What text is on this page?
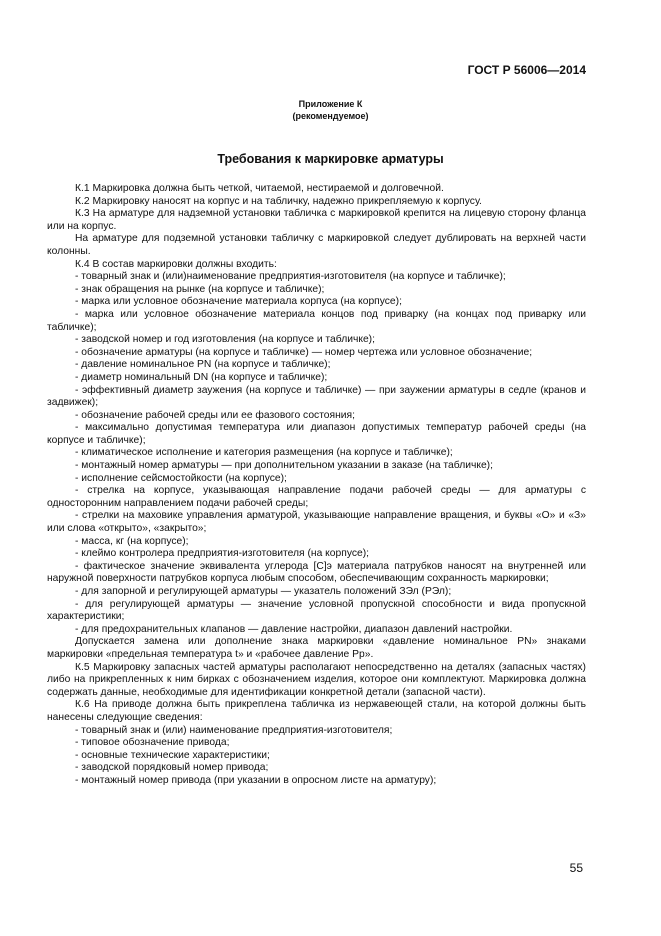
ГОСТ Р 56006—2014
Приложение К
(рекомендуемое)
Требования к маркировке арматуры

К.1 Маркировка должна быть четкой, читаемой, нестираемой и долговечной.

К.2 Маркировку наносят на корпус и на табличку, надежно прикрепляемую к корпусу.

К.3 На арматуре для надземной установки табличка с маркировкой крепится на лицевую сторону фланца или на корпус.

На арматуре для подземной установки табличку с маркировкой следует дублировать на верхней части колонны.

К.4 В состав маркировки должны входить:

- товарный знак и (или)наименование предприятия-изготовителя (на корпусе и табличке);

- знак обращения на рынке (на корпусе и табличке);

- марка или условное обозначение материала корпуса (на корпусе);

- марка или условное обозначение материала концов под приварку (на концах под приварку или табличке);

- заводской номер и год изготовления (на корпусе и табличке);

- обозначение арматуры (на корпусе и табличке) — номер чертежа или условное обозначение;

- давление номинальное PN (на корпусе и табличке);

- диаметр номинальный DN (на корпусе и табличке);

- эффективный диаметр заужения (на корпусе и табличке) — при заужении арматуры в седле (кранов и задвижек);

- обозначение рабочей среды или ее фазового состояния;

- максимально допустимая температура или диапазон допустимых температур рабочей среды (на корпусе и табличке);

- климатическое исполнение и категория размещения (на корпусе и табличке);

- монтажный номер арматуры — при дополнительном указании в заказе (на табличке);

- исполнение сейсмостойкости (на корпусе);

- стрелка на корпусе, указывающая направление подачи рабочей среды — для арматуры с односторонним направлением подачи рабочей среды;

- стрелки на маховике управления арматурой, указывающие направление вращения, и буквы «О» и «З» или слова «открыто», «закрыто»;

- масса, кг (на корпусе);

- клеймо контролера предприятия-изготовителя (на корпусе);

- фактическое значение эквивалента углерода [C]э материала патрубков наносят на внутренней или наружной поверхности патрубков корпуса любым способом, обеспечивающим сохранность маркировки;

- для запорной и регулирующей арматуры — указатель положений ЗЭл (РЭл);

- для регулирующей арматуры — значение условной пропускной способности и вида пропускной характеристики;

- для предохранительных клапанов — давление настройки, диапазон давлений настройки.

Допускается замена или дополнение знака маркировки «давление номинальное PN» знаками маркировки «предельная температура t» и «рабочее давление Pр».

К.5 Маркировку запасных частей арматуры располагают непосредственно на деталях (запасных частях) либо на прикрепленных к ним бирках с обозначением изделия, которое они комплектуют. Маркировка должна содержать данные, необходимые для идентификации конкретной детали (запасной части).

К.6 На приводе должна быть прикреплена табличка из нержавеющей стали, на которой должны быть нанесены следующие сведения:

- товарный знак и (или) наименование предприятия-изготовителя;

- типовое обозначение привода;

- основные технические характеристики;

- заводской порядковый номер привода;

- монтажный номер привода (при указании в опросном листе на арматуру);

55
